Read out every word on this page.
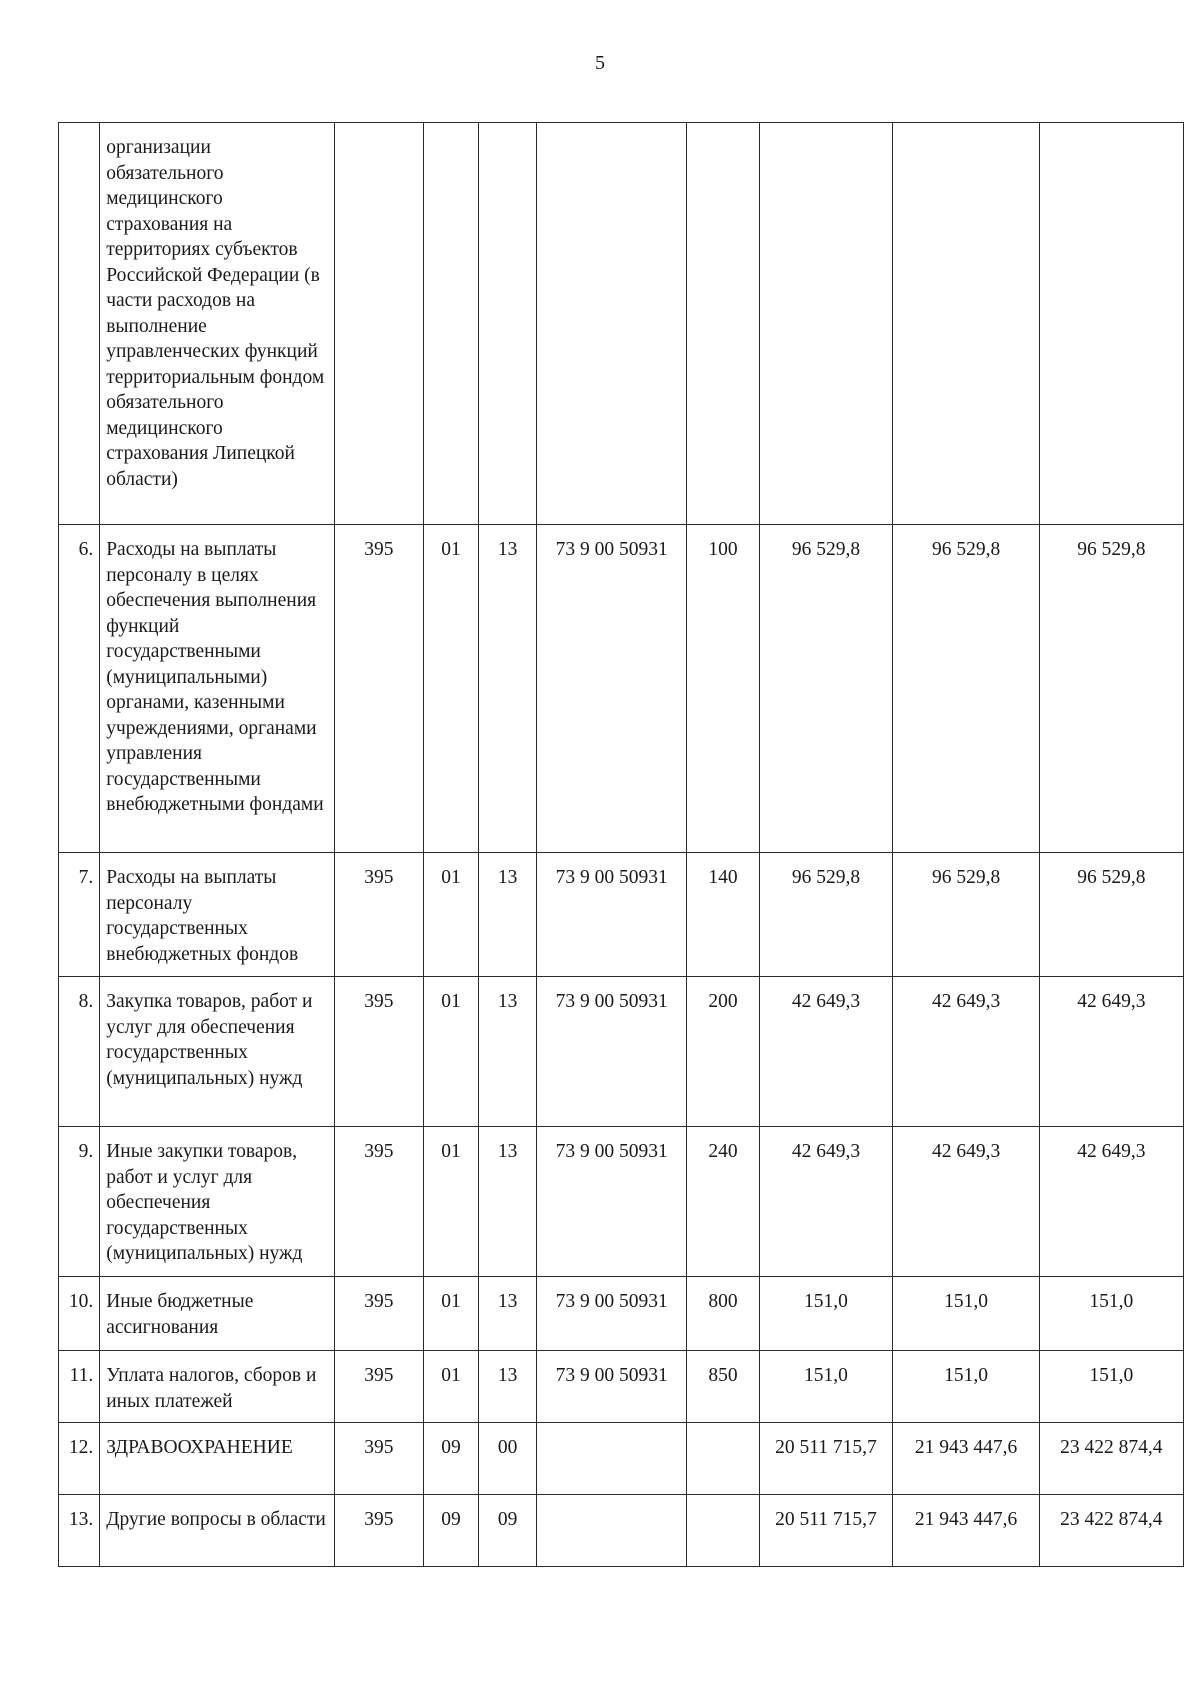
5
	организации обязательного медицинского страхования на территориях субъектов Российской Федерации (в части расходов на выполнение управленческих функций территориальным фондом обязательного медицинского страхования Липецкой области)								
6.	Расходы на выплаты персоналу в целях обеспечения выполнения функций государственными (муниципальными) органами, казенными учреждениями, органами управления государственными внебюджетными фондами	395	01	13	73 9 00 50931	100	96 529,8	96 529,8	96 529,8
7.	Расходы на выплаты персоналу государственных внебюджетных фондов	395	01	13	73 9 00 50931	140	96 529,8	96 529,8	96 529,8
8.	Закупка товаров, работ и услуг для обеспечения государственных (муниципальных) нужд	395	01	13	73 9 00 50931	200	42 649,3	42 649,3	42 649,3
9.	Иные закупки товаров, работ и услуг для обеспечения государственных (муниципальных) нужд	395	01	13	73 9 00 50931	240	42 649,3	42 649,3	42 649,3
10.	Иные бюджетные ассигнования	395	01	13	73 9 00 50931	800	151,0	151,0	151,0
11.	Уплата налогов, сборов и иных платежей	395	01	13	73 9 00 50931	850	151,0	151,0	151,0
12.	ЗДРАВООХРАНЕНИЕ	395	09	00			20 511 715,7	21 943 447,6	23 422 874,4
13.	Другие вопросы в области	395	09	09			20 511 715,7	21 943 447,6	23 422 874,4
